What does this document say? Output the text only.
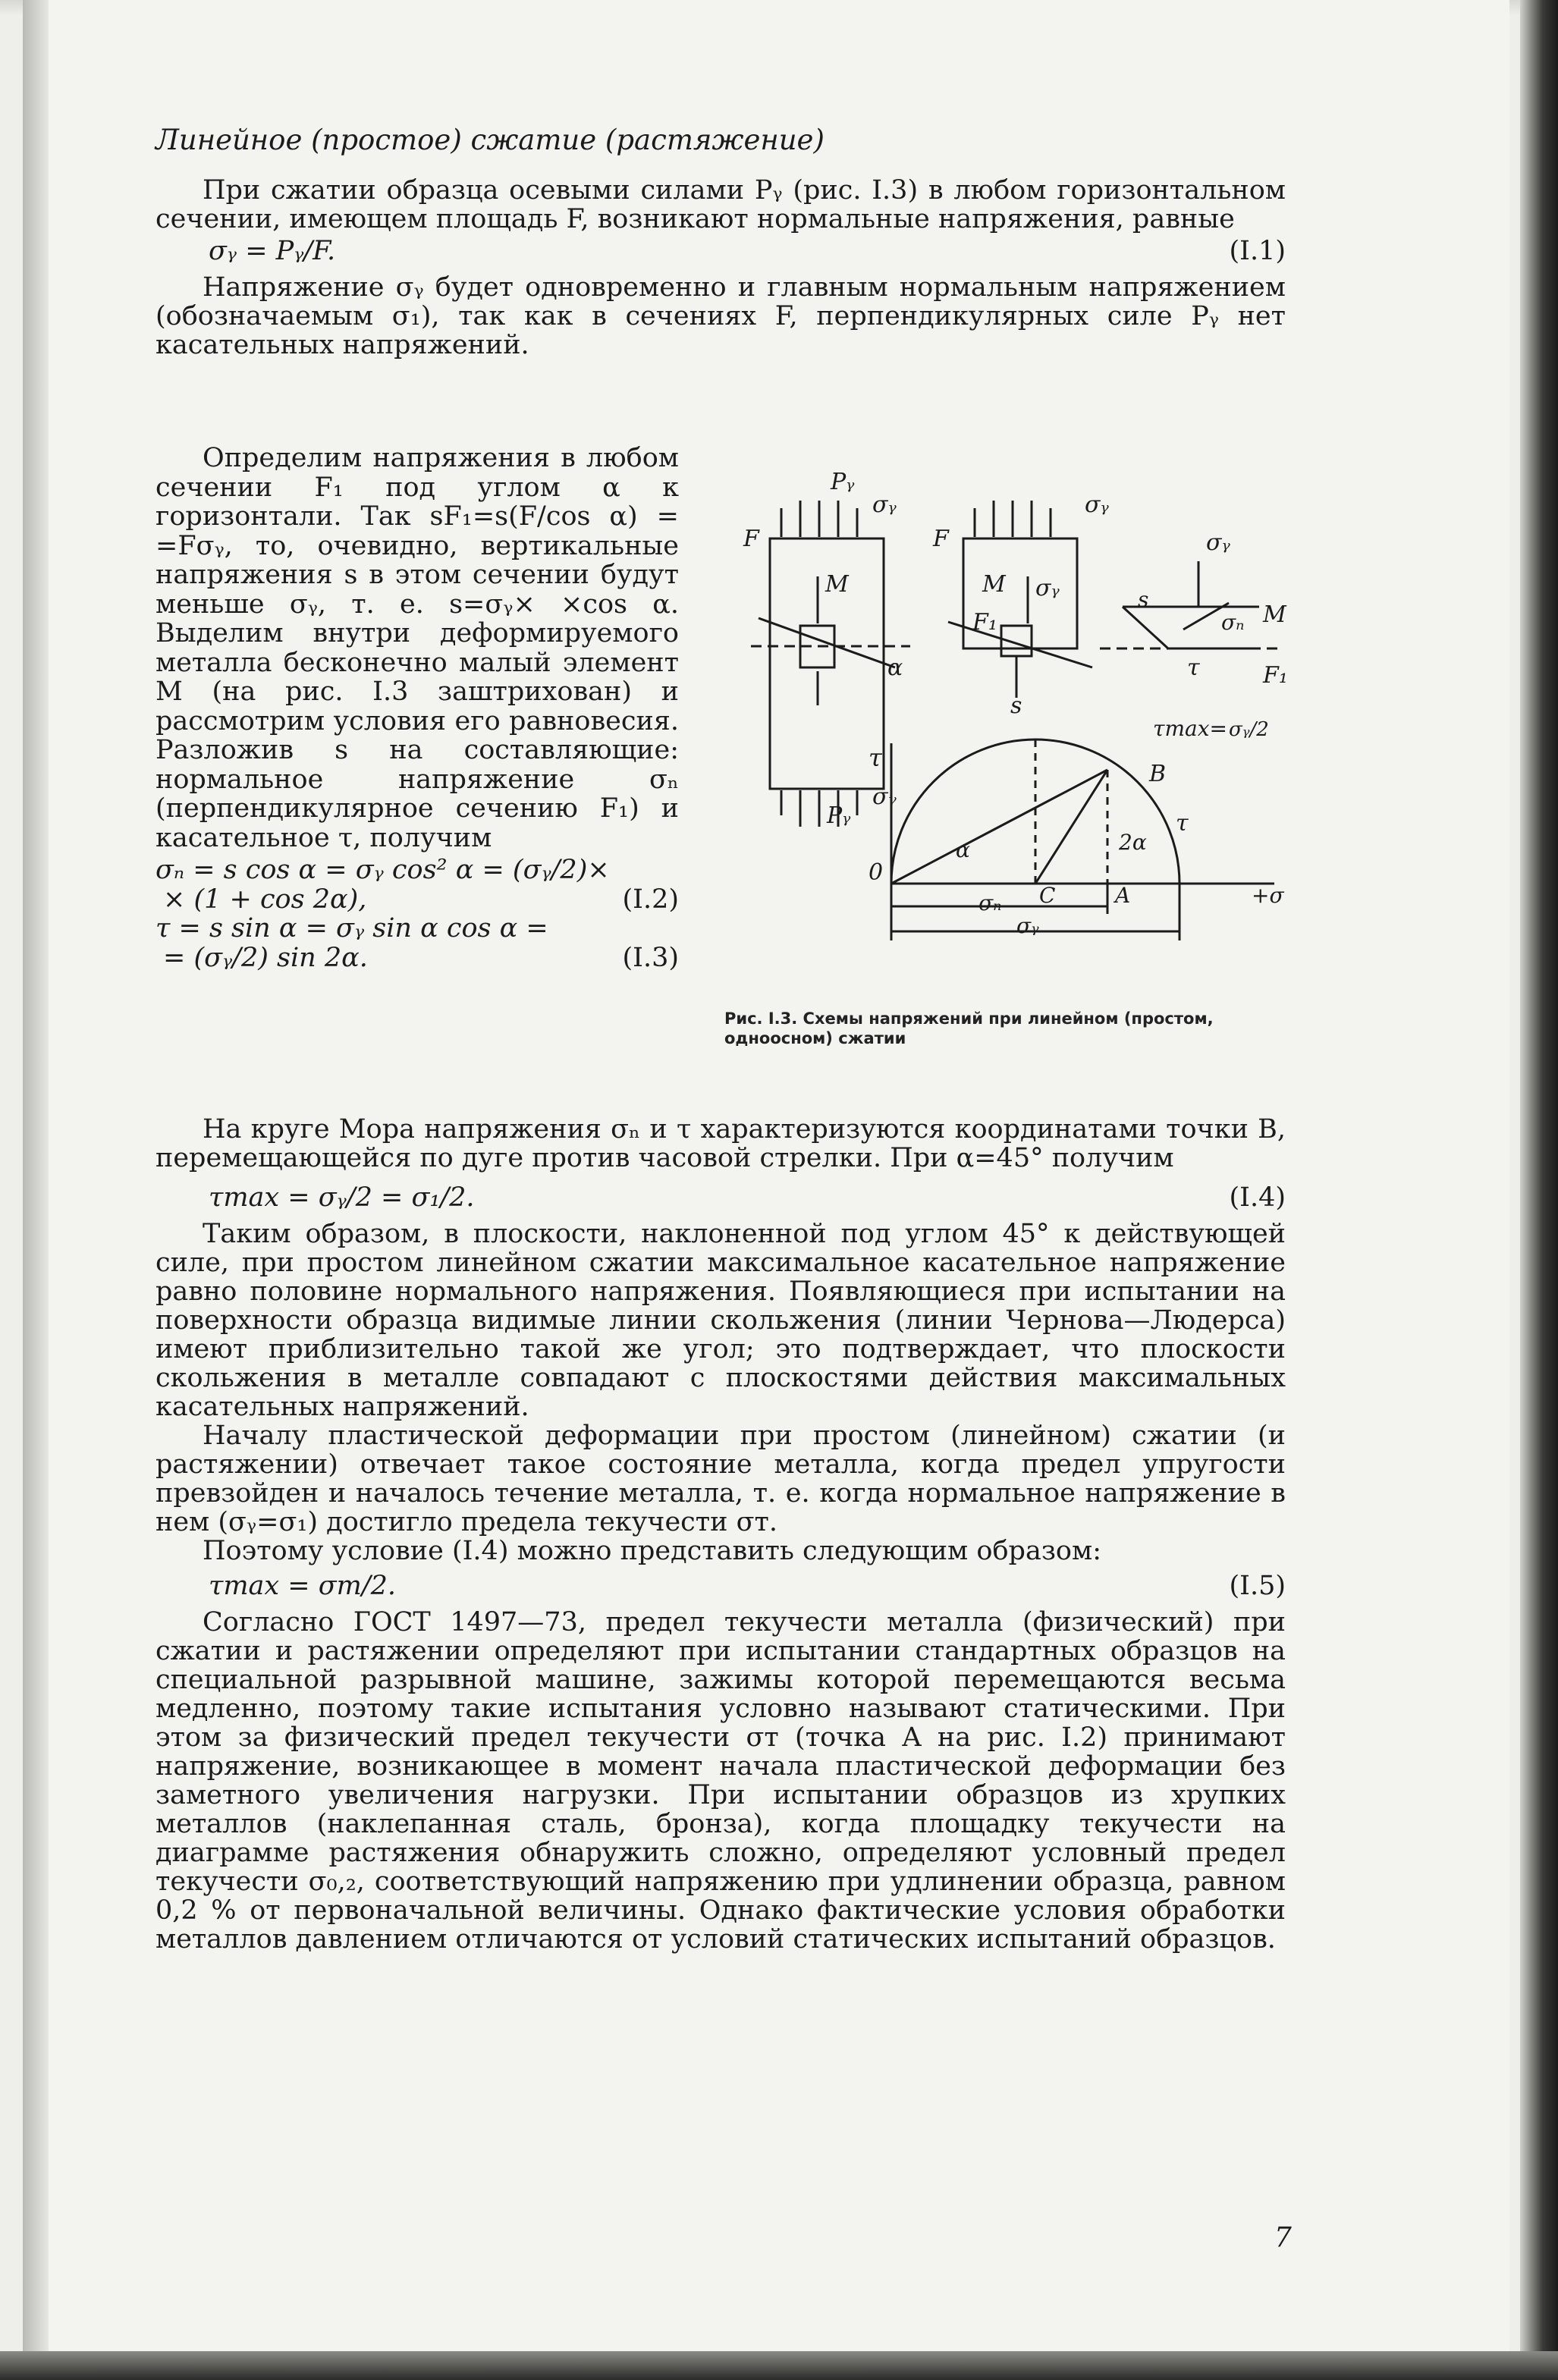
Линейное (простое) сжатие (растяжение)

При сжатии образца осевыми силами Pᵧ (рис. I.3) в любом горизонтальном сечении, имеющем площадь F, возникают нормальные напряжения, равные

σᵧ = Pᵧ/F.	(I.1)

Напряжение σᵧ будет одновременно и главным нормальным напряжением (обозначаемым σ₁), так как в сечениях F, перпендикулярных силе Pᵧ нет касательных напряжений.

Определим напряжения в любом сечении F₁ под углом α к горизонтали. Так sF₁=s(F/cos α) = =Fσᵧ, то, очевидно, вертикальные напряжения s в этом сечении будут меньше σᵧ, т. е. s=σᵧ× ×cos α. Выделим внутри деформируемого металла бесконечно малый элемент M (на рис. I.3 заштрихован) и рассмотрим условия его равновесия. Разложив s на составляющие: нормальное напряжение σₙ (перпендикулярное сечению F₁) и касательное τ, получим

σₙ = s cos α = σᵧ cos² α = (σᵧ/2)×
× (1 + cos 2α),	(I.2)
τ = s sin α = σᵧ sin α cos α =
= (σᵧ/2) sin 2α.	(I.3)
Pᵧ
σᵧ
F
M
α
σᵧ
Pᵧ
F
M σᵧ
σᵧ
F₁
s
σᵧ
s
σₙ M
τ	F₁
τ
τmax= σᵧ/2
B
2α
α
τ
0
C	A	+σ
σₙ
σᵧ
Рис. I.3. Схемы напряжений при линейном (простом, одноосном) сжатии

На круге Мора напряжения σₙ и τ характеризуются координатами точки B, перемещающейся по дуге против часовой стрелки. При α=45° получим

τmax = σᵧ/2 = σ₁/2.	(I.4)

Таким образом, в плоскости, наклоненной под углом 45° к действующей силе, при простом линейном сжатии максимальное касательное напряжение равно половине нормального напряжения. Появляющиеся при испытании на поверхности образца видимые линии скольжения (линии Чернова—Людерса) имеют приблизительно такой же угол; это подтверждает, что плоскости скольжения в металле совпадают с плоскостями действия максимальных касательных напряжений.

Началу пластической деформации при простом (линейном) сжатии (и растяжении) отвечает такое состояние металла, когда предел упругости превзойден и началось течение металла, т. е. когда нормальное напряжение в нем (σᵧ=σ₁) достигло предела текучести σт.

Поэтому условие (I.4) можно представить следующим образом:

τmax = σт/2.	(I.5)

Согласно ГОСТ 1497—73, предел текучести металла (физический) при сжатии и растяжении определяют при испытании стандартных образцов на специальной разрывной машине, зажимы которой перемещаются весьма медленно, поэтому такие испытания условно называют статическими. При этом за физический предел текучести σт (точка A на рис. I.2) принимают напряжение, возникающее в момент начала пластической деформации без заметного увеличения нагрузки. При испытании образцов из хрупких металлов (наклепанная сталь, бронза), когда площадку текучести на диаграмме растяжения обнаружить сложно, определяют условный предел текучести σ₀,₂, соответствующий напряжению при удлинении образца, равном 0,2 % от первоначальной величины. Однако фактические условия обработки металлов давлением отличаются от условий статических испытаний образцов.

7
